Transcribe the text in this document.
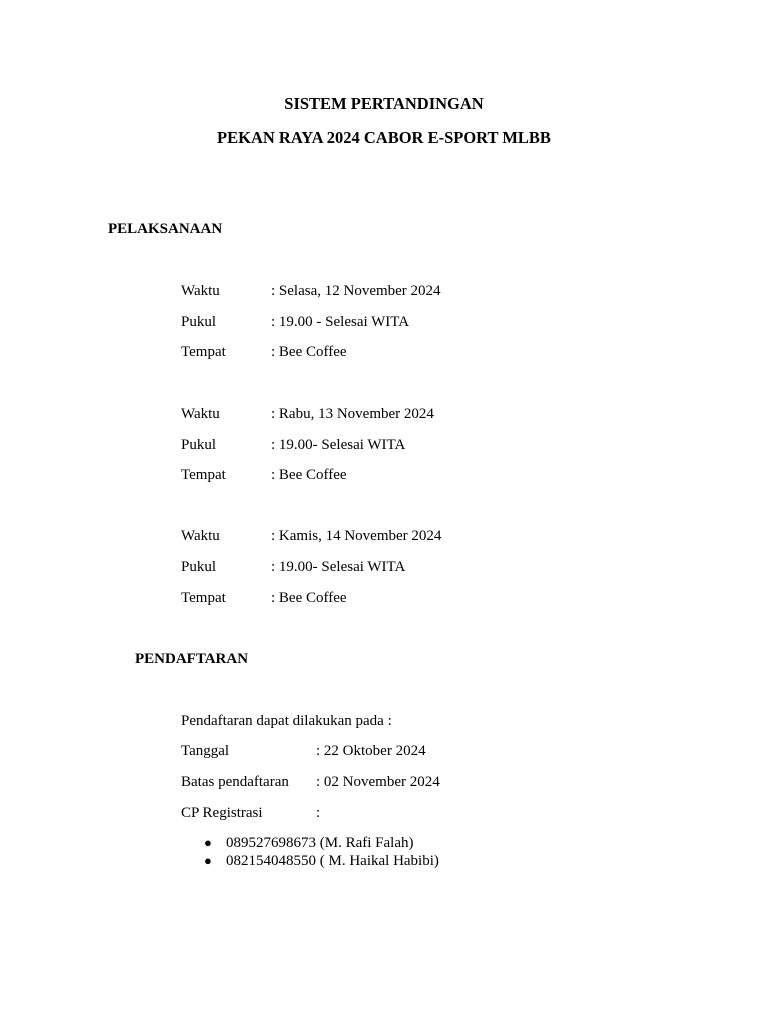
SISTEM PERTANDINGAN
PEKAN RAYA 2024 CABOR E-SPORT MLBB
PELAKSANAAN
Waktu	: Selasa, 12 November 2024
Pukul	: 19.00 - Selesai WITA
Tempat	: Bee Coffee
Waktu	: Rabu, 13 November 2024
Pukul	: 19.00- Selesai WITA
Tempat	: Bee Coffee
Waktu	: Kamis, 14 November 2024
Pukul	: 19.00- Selesai WITA
Tempat	: Bee Coffee
PENDAFTARAN
Pendaftaran dapat dilakukan pada :
Tanggal	: 22 Oktober 2024
Batas pendaftaran : 02 November 2024
CP Registrasi	:
● 089527698673 (M. Rafi Falah)
● 082154048550 ( M. Haikal Habibi)
